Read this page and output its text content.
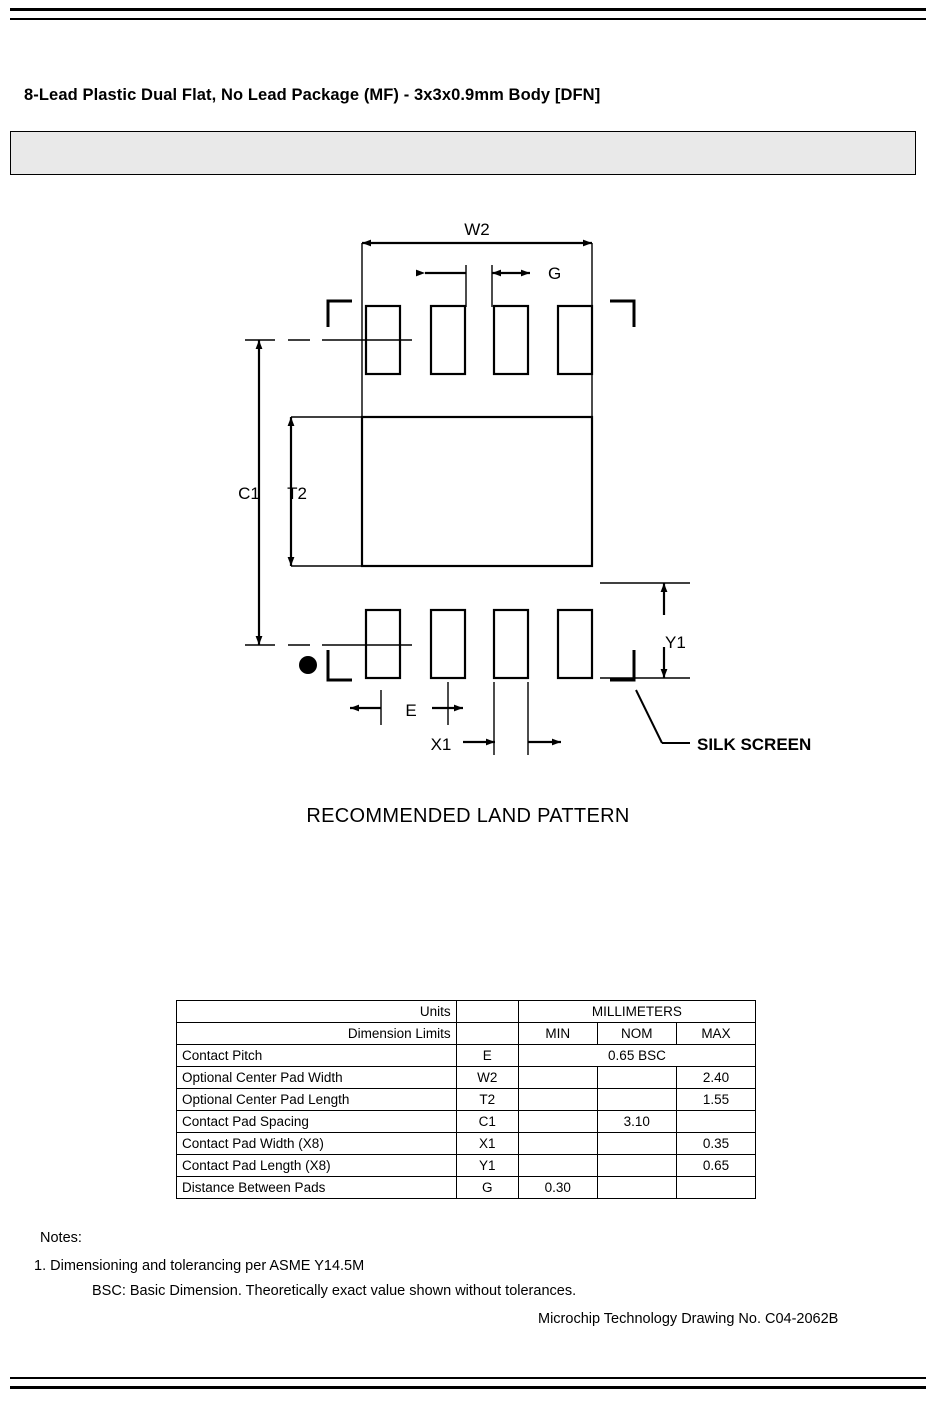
8-Lead Plastic Dual Flat, No Lead Package (MF) - 3x3x0.9mm Body [DFN]
W2
G
C1 T2
Y1
E
X1	SILK SCREEN
RECOMMENDED LAND PATTERN
Units		MILLIMETERS		
Dimension Limits		MIN	NOM	MAX
Contact Pitch	E	0.65 BSC		
Optional Center Pad Width	W2			2.40
Optional Center Pad Length	T2			1.55
Contact Pad Spacing	C1		3.10	
Contact Pad Width (X8)	X1			0.35
Contact Pad Length (X8)	Y1			0.65
Distance Between Pads	G	0.30		
Notes:
1. Dimensioning and tolerancing per ASME Y14.5M
BSC: Basic Dimension. Theoretically exact value shown without tolerances.
Microchip Technology Drawing No. C04-2062B
